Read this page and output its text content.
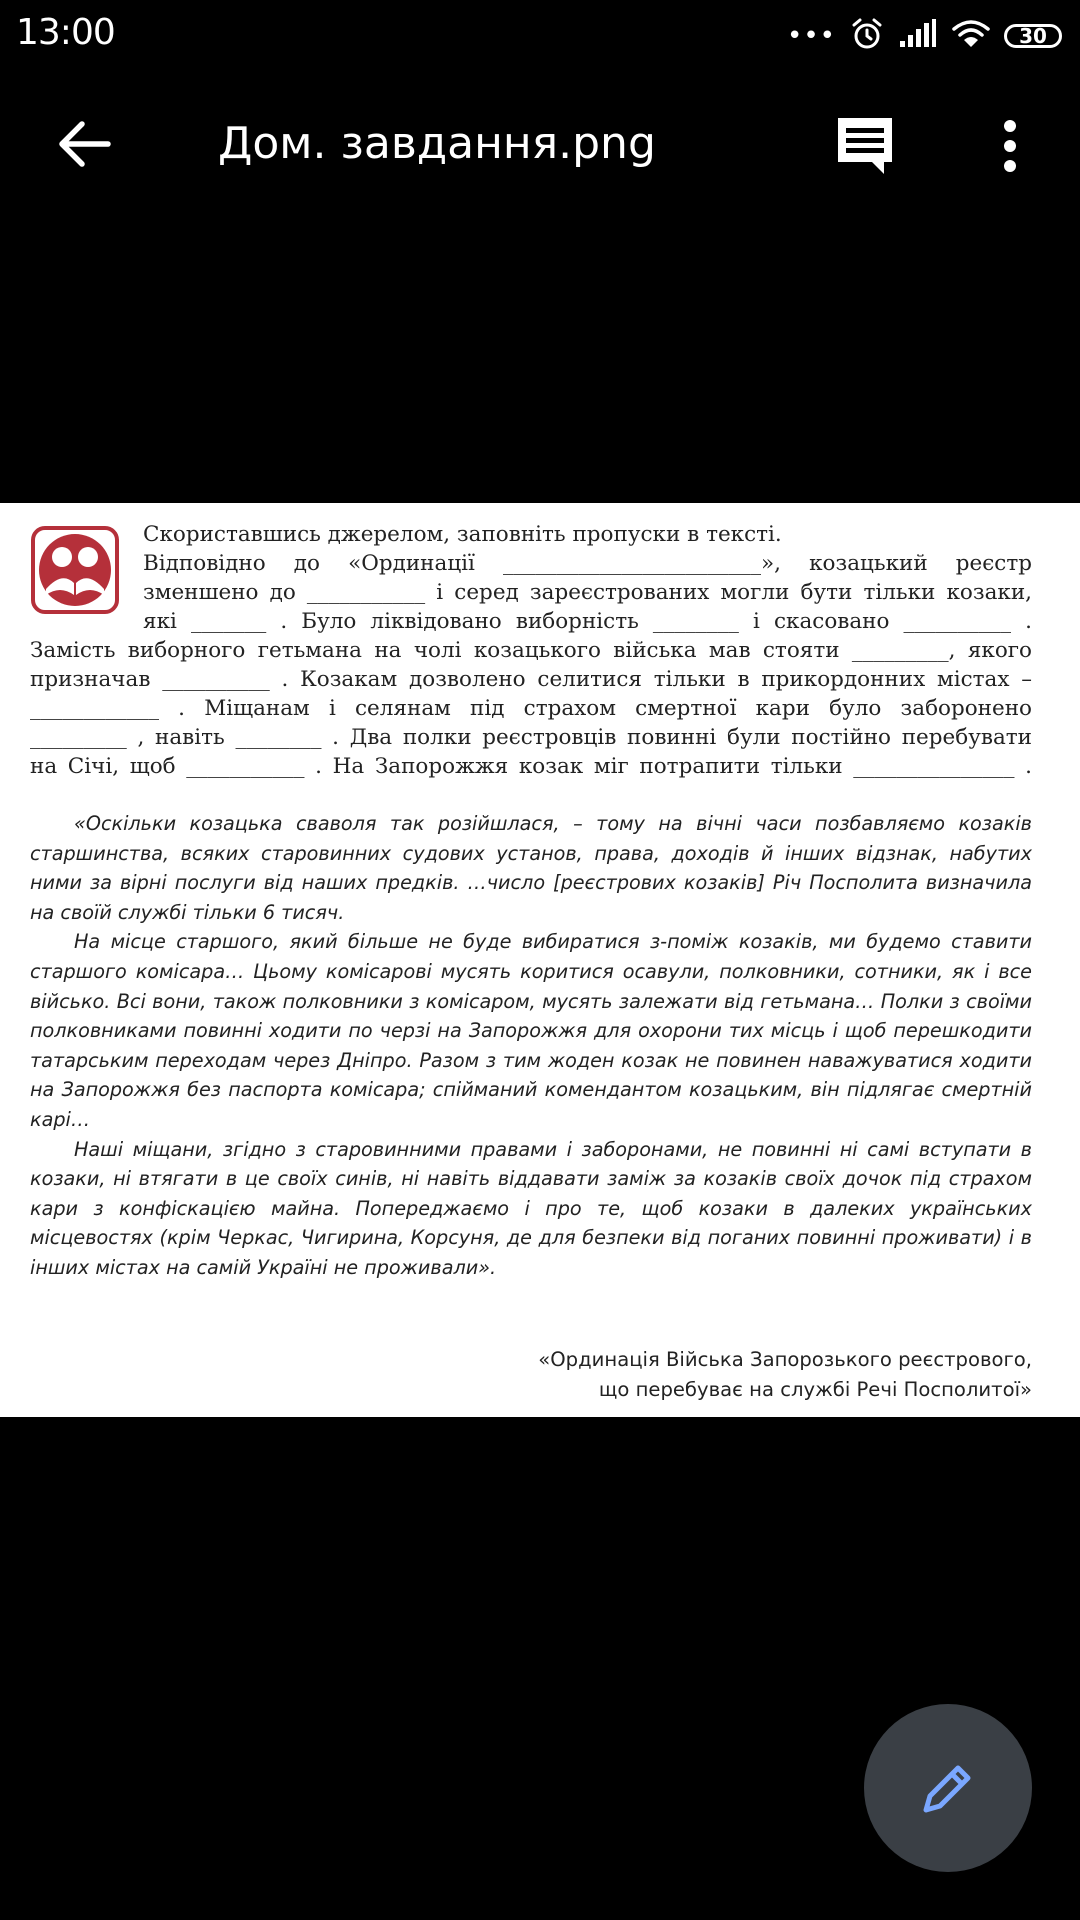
13:00	•••	30
Дом. завдання.png
Скориставшись джерелом, заповніть пропуски в тексті.
Відповідно до «Ординації ________________________», козацький реєстр
зменшено до ___________ і серед зареєстрованих могли бути тільки козаки,
які _______ . Було ліквідовано виборність ________ і скасовано __________ .
Замість виборного гетьмана на чолі козацького війська мав стояти _________, якого
призначав __________ . Козакам дозволено селитися тільки в прикордонних містах –
____________ . Міщанам і селянам під страхом смертної кари було заборонено
_________ , навіть ________ . Два полки реєстровців повинні були постійно перебувати
на Січі, щоб ___________ . На Запорожжя козак міг потрапити тільки _______________ .

«Оскільки козацька сваволя так розійшлася, – тому на вічні часи позбавляємо козаків старшинства, всяких старовинних судових установ, права, доходів й інших відзнак, набутих ними за вірні послуги від наших предків. …число [реєстрових козаків] Річ Посполита визначила на своїй службі тільки 6 тисяч.

На місце старшого, який більше не буде вибиратися з-поміж козаків, ми будемо ставити старшого комісара… Цьому комісарові мусять коритися осавули, полковники, сотники, як і все військо. Всі вони, також полковники з комісаром, мусять залежати від гетьмана… Полки з своїми полковниками повинні ходити по черзі на Запорожжя для охорони тих місць і щоб перешкодити татарським переходам через Дніпро. Разом з тим жоден козак не повинен наважуватися ходити на Запорожжя без паспорта комісара; спійманий комендантом козацьким, він підлягає смертній карі…

Наші міщани, згідно з старовинними правами і заборонами, не повинні ні самі вступати в козаки, ні втягати в це своїх синів, ні навіть віддавати заміж за козаків своїх дочок під страхом кари з конфіскацією майна. Попереджаємо і про те, щоб козаки в далеких українських місцевостях (крім Черкас, Чигирина, Корсуня, де для безпеки від поганих повинні проживати) і в інших містах на самій Україні не проживали».

«Ординація Війська Запорозького реєстрового,
що перебуває на службі Речі Посполитої»
